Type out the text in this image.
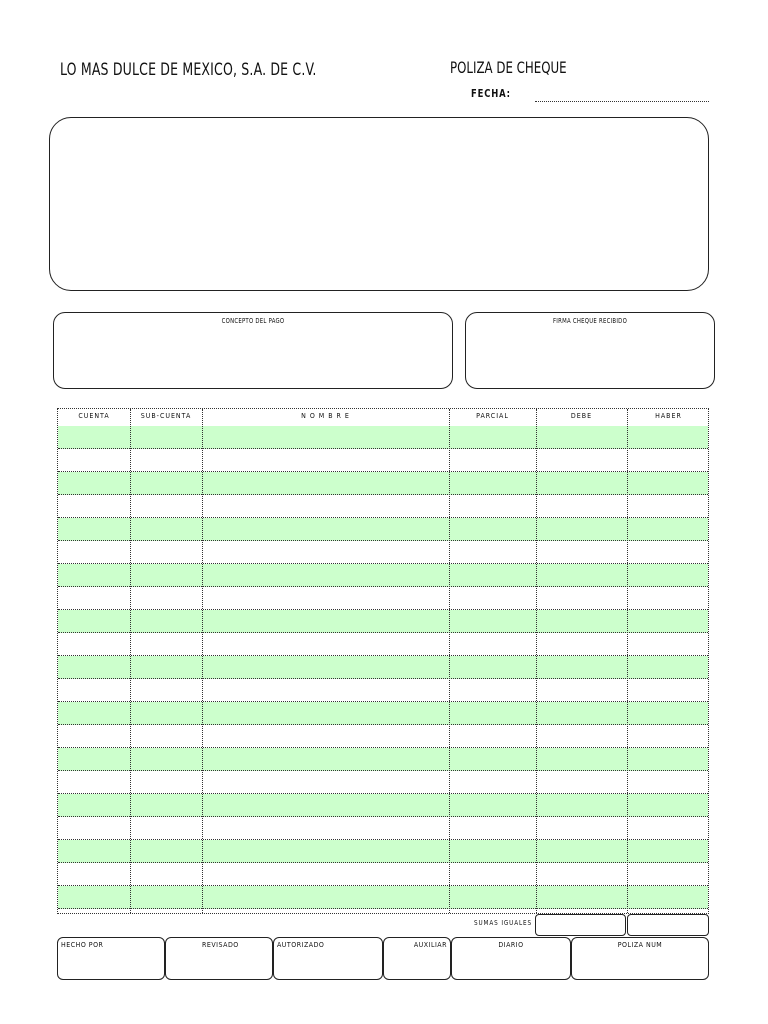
LO MAS DULCE DE MEXICO, S.A. DE C.V.	POLIZA DE CHEQUE
FECHA:
CONCEPTO DEL PAGO	FIRMA CHEQUE RECIBIDO
CUENTA	SUB-CUENTA	N O M B R E	PARCIAL	DEBE	HABER
SUMAS IGUALES
HECHO POR	REVISADO	AUTORIZADO	AUXILIAR	DIARIO	POLIZA NUM
